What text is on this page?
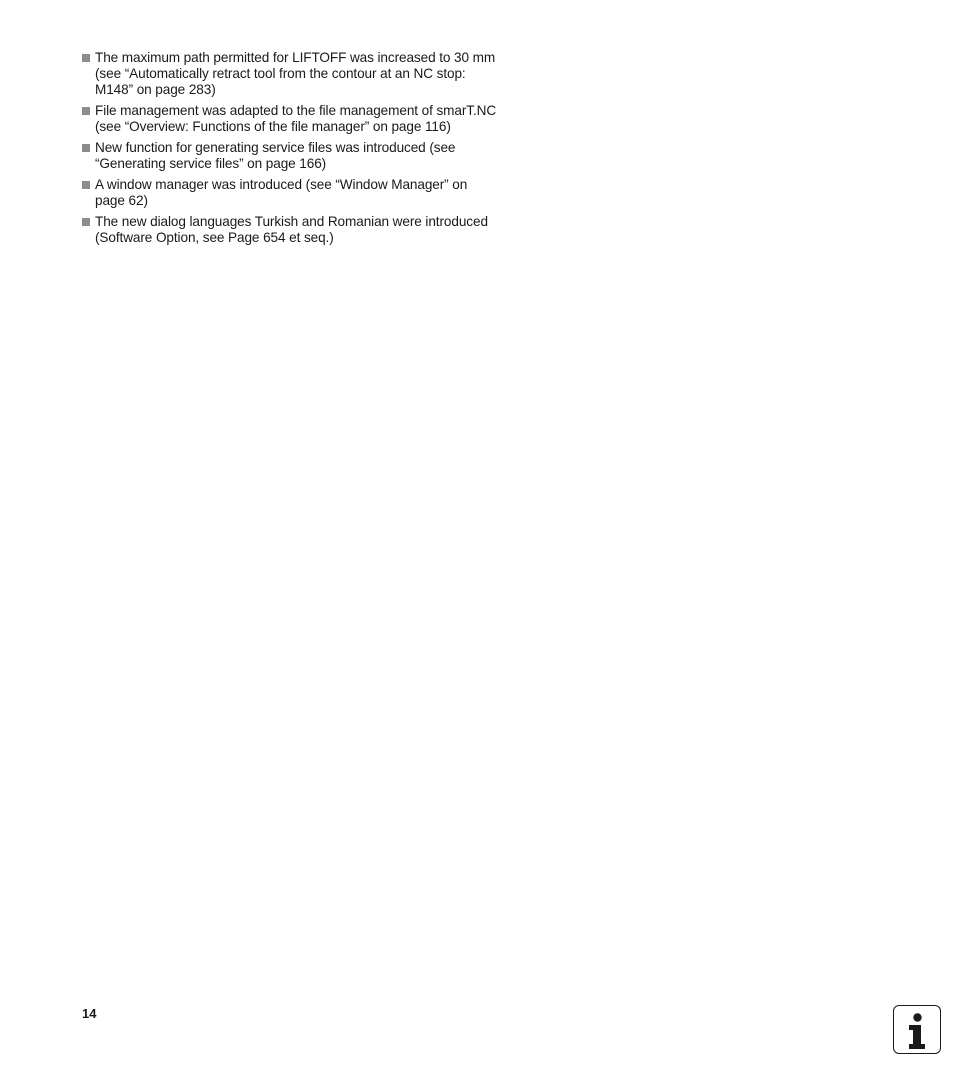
The maximum path permitted for LIFTOFF was increased to 30 mm
(see “Automatically retract tool from the contour at an NC stop:
M148” on page 283)
File management was adapted to the file management of smarT.NC
(see “Overview: Functions of the file manager” on page 116)
New function for generating service files was introduced (see
“Generating service files” on page 166)
A window manager was introduced (see “Window Manager” on
page 62)
The new dialog languages Turkish and Romanian were introduced
(Software Option, see Page 654 et seq.)
14
